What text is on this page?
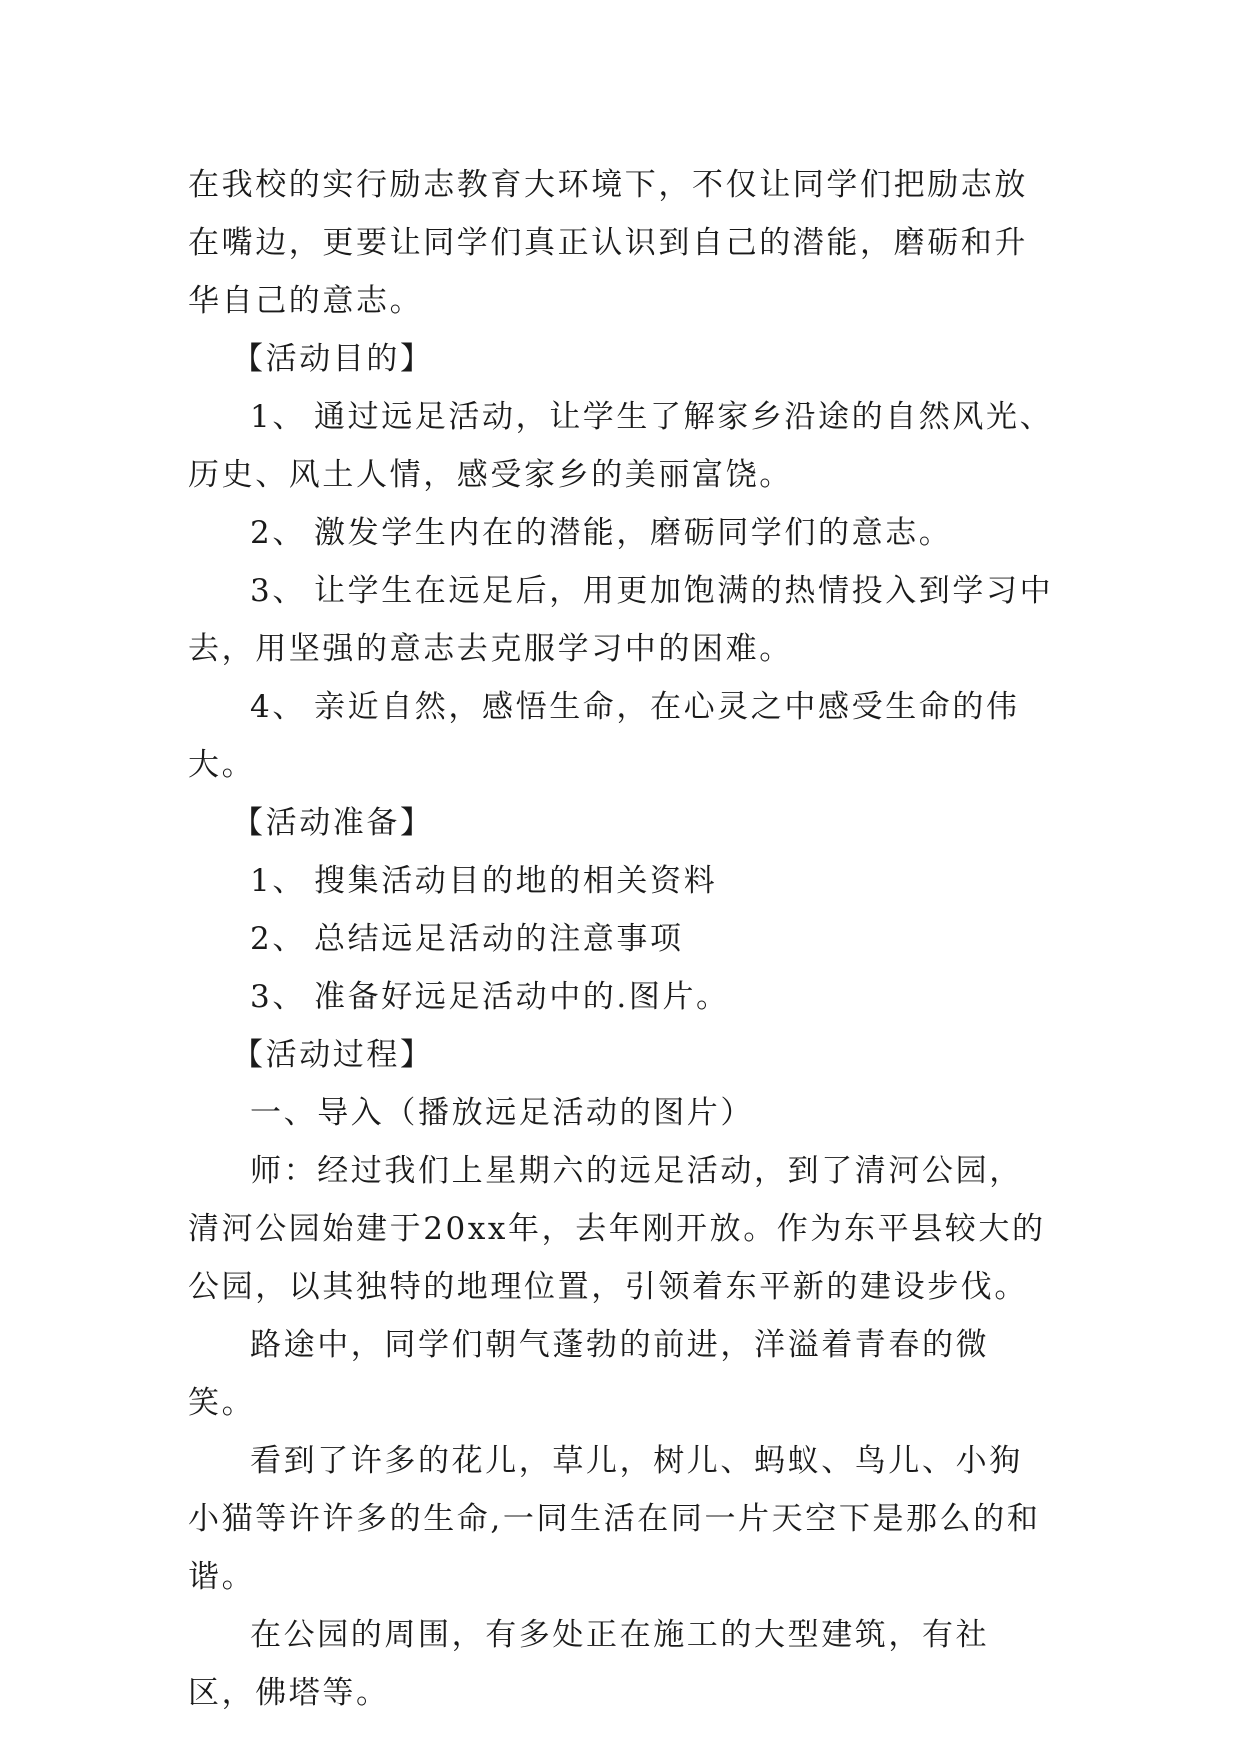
在我校的实行励志教育大环境下，不仅让同学们把励志放在嘴边，更要让同学们真正认识到自己的潜能，磨砺和升华自己的意志。

【活动目的】

1、 通过远足活动，让学生了解家乡沿途的自然风光、历史、风土人情，感受家乡的美丽富饶。

2、 激发学生内在的潜能，磨砺同学们的意志。

3、 让学生在远足后，用更加饱满的热情投入到学习中去，用坚强的意志去克服学习中的困难。

4、 亲近自然，感悟生命，在心灵之中感受生命的伟大。

【活动准备】

1、 搜集活动目的地的相关资料

2、 总结远足活动的注意事项

3、 准备好远足活动中的.图片。

【活动过程】

一、导入（播放远足活动的图片）

师：经过我们上星期六的远足活动，到了清河公园，清河公园始建于20xx年，去年刚开放。作为东平县较大的公园，以其独特的地理位置，引领着东平新的建设步伐。

路途中，同学们朝气蓬勃的前进，洋溢着青春的微笑。

看到了许多的花儿，草儿，树儿、蚂蚁、鸟儿、小狗小猫等许许多的生命,一同生活在同一片天空下是那么的和谐。

在公园的周围，有多处正在施工的大型建筑，有社区，佛塔等。
